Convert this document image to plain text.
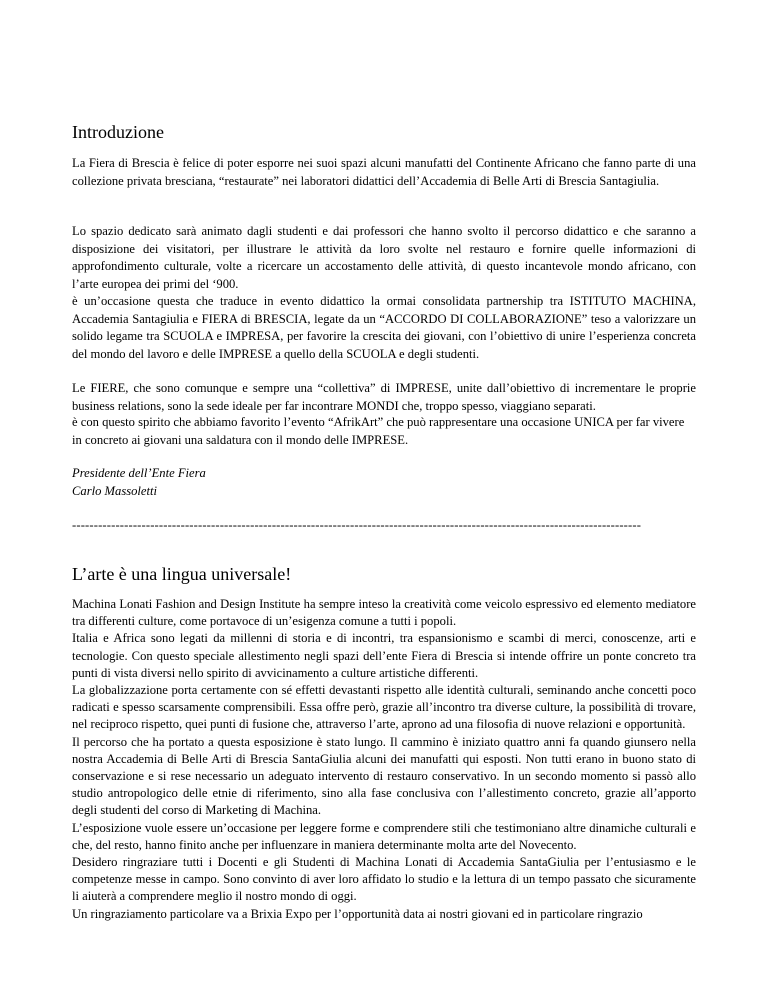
Introduzione

La Fiera di Brescia è felice di poter esporre nei suoi spazi alcuni manufatti del Continente Africano che fanno parte di una collezione privata bresciana, “restaurate” nei laboratori didattici dell’Accademia di Belle Arti di Brescia Santagiulia.

Lo spazio dedicato sarà animato dagli studenti e dai professori che hanno svolto il percorso didattico e che saranno a disposizione dei visitatori, per illustrare le attività da loro svolte nel restauro e fornire quelle informazioni di approfondimento culturale, volte a ricercare un accostamento delle attività, di questo incantevole mondo africano, con l’arte europea dei primi del ‘900.

è un’occasione questa che traduce in evento didattico la ormai consolidata partnership tra ISTITUTO MACHINA, Accademia Santagiulia e FIERA di BRESCIA, legate da un “ACCORDO DI COLLABORAZIONE” teso a valorizzare un solido legame tra SCUOLA e IMPRESA, per favorire la crescita dei giovani, con l’obiettivo di unire l’esperienza concreta del mondo del lavoro e delle IMPRESE a quello della SCUOLA e degli studenti.

Le FIERE, che sono comunque e sempre una “collettiva” di IMPRESE, unite dall’obiettivo di incrementare le proprie business relations, sono la sede ideale per far incontrare MONDI che, troppo spesso, viaggiano separati.

è con questo spirito che abbiamo favorito l’evento “AfrikArt” che può rappresentare una occasione UNICA per far vivere in concreto ai giovani una saldatura con il mondo delle IMPRESE.

Presidente dell’Ente Fiera
Carlo Massoletti
-----------------------------------------------------------------------------------------------------------------------------------
L’arte è una lingua universale!

Machina Lonati Fashion and Design Institute ha sempre inteso la creatività come veicolo espressivo ed elemento mediatore tra differenti culture, come portavoce di un’esigenza comune a tutti i popoli.

Italia e Africa sono legati da millenni di storia e di incontri, tra espansionismo e scambi di merci, conoscenze, arti e tecnologie. Con questo speciale allestimento negli spazi dell’ente Fiera di Brescia si intende offrire un ponte concreto tra punti di vista diversi nello spirito di avvicinamento a culture artistiche differenti.

La globalizzazione porta certamente con sé effetti devastanti rispetto alle identità culturali, seminando anche concetti poco radicati e spesso scarsamente comprensibili. Essa offre però, grazie all’incontro tra diverse culture, la possibilità di trovare, nel reciproco rispetto, quei punti di fusione che, attraverso l’arte, aprono ad una filosofia di nuove relazioni e opportunità.

Il percorso che ha portato a questa esposizione è stato lungo. Il cammino è iniziato quattro anni fa quando giunsero nella nostra Accademia di Belle Arti di Brescia SantaGiulia alcuni dei manufatti qui esposti. Non tutti erano in buono stato di conservazione e si rese necessario un adeguato intervento di restauro conservativo. In un secondo momento si passò allo studio antropologico delle etnie di riferimento, sino alla fase conclusiva con l’allestimento concreto, grazie all’apporto degli studenti del corso di Marketing di Machina.

L’esposizione vuole essere un’occasione per leggere forme e comprendere stili che testimoniano altre dinamiche culturali e che, del resto, hanno finito anche per influenzare in maniera determinante molta arte del Novecento.

Desidero ringraziare tutti i Docenti e gli Studenti di Machina Lonati di Accademia SantaGiulia per l’entusiasmo e le competenze messe in campo. Sono convinto di aver loro affidato lo studio e la lettura di un tempo passato che sicuramente li aiuterà a comprendere meglio il nostro mondo di oggi.

Un ringraziamento particolare va a Brixia Expo per l’opportunità data ai nostri giovani ed in particolare ringrazio
